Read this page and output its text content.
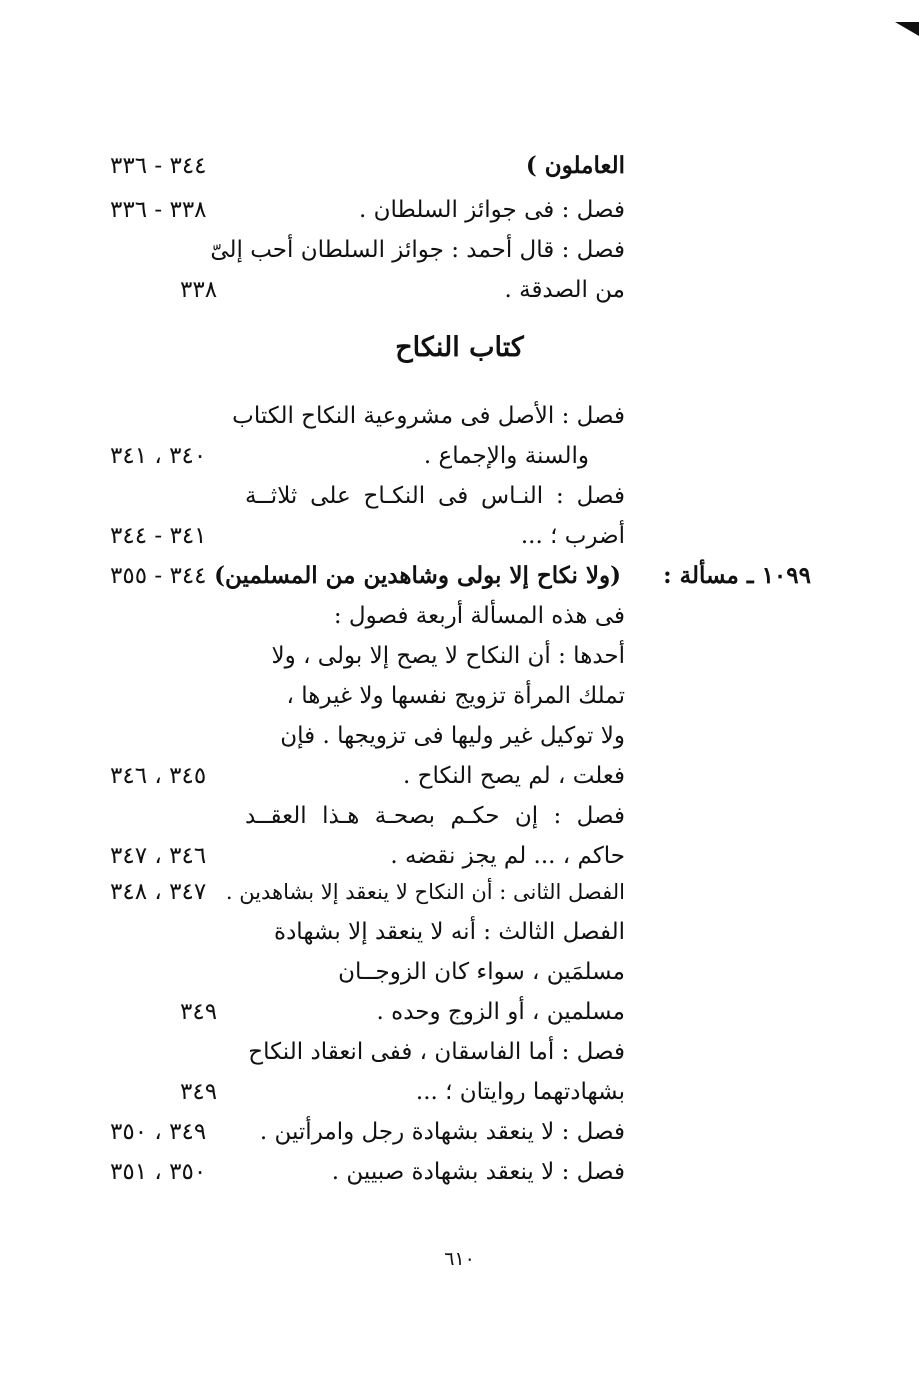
العاملون )
٣٤٤ - ٣٣٦
فصل : فى جوائز السلطان .
٣٣٨ - ٣٣٦
فصل : قال أحمد : جوائز السلطان أحب إلىّ
من الصدقة .
٣٣٨
كتاب النكاح
فصل : الأصل فى مشروعية النكاح الكتاب
والسنة والإجماع .
٣٤٠ ، ٣٤١
فصل : النـاس فى النكـاح على ثلاثــة
أضرب ؛ ...
٣٤١ - ٣٤٤
١٠٩٩ ـ مسألة :
(ولا نكاح إلا بولى وشاهدين من المسلمين)
٣٤٤ - ٣٥٥
فى هذه المسألة أربعة فصول :
أحدها : أن النكاح لا يصح إلا بولى ، ولا
تملك المرأة تزويج نفسها ولا غيرها ،
ولا توكيل غير وليها فى تزويجها . فإن
فعلت ، لم يصح النكاح .
٣٤٥ ، ٣٤٦
فصل : إن حكـم بصحـة هـذا العقــد
حاكم ، ... لم يجز نقضه .
٣٤٦ ، ٣٤٧
الفصل الثانى : أن النكاح لا ينعقد إلا بشاهدين .
٣٤٧ ، ٣٤٨
الفصل الثالث : أنه لا ينعقد إلا بشهادة
مسلمَين ، سواء كان الزوجــان
مسلمين ، أو الزوج وحده .
٣٤٩
فصل : أما الفاسقان ، ففى انعقاد النكاح
بشهادتهما روايتان ؛ ...
٣٤٩
فصل : لا ينعقد بشهادة رجل وامرأتين .
٣٤٩ ، ٣٥٠
فصل : لا ينعقد بشهادة صبيين .
٣٥٠ ، ٣٥١
٦١٠
